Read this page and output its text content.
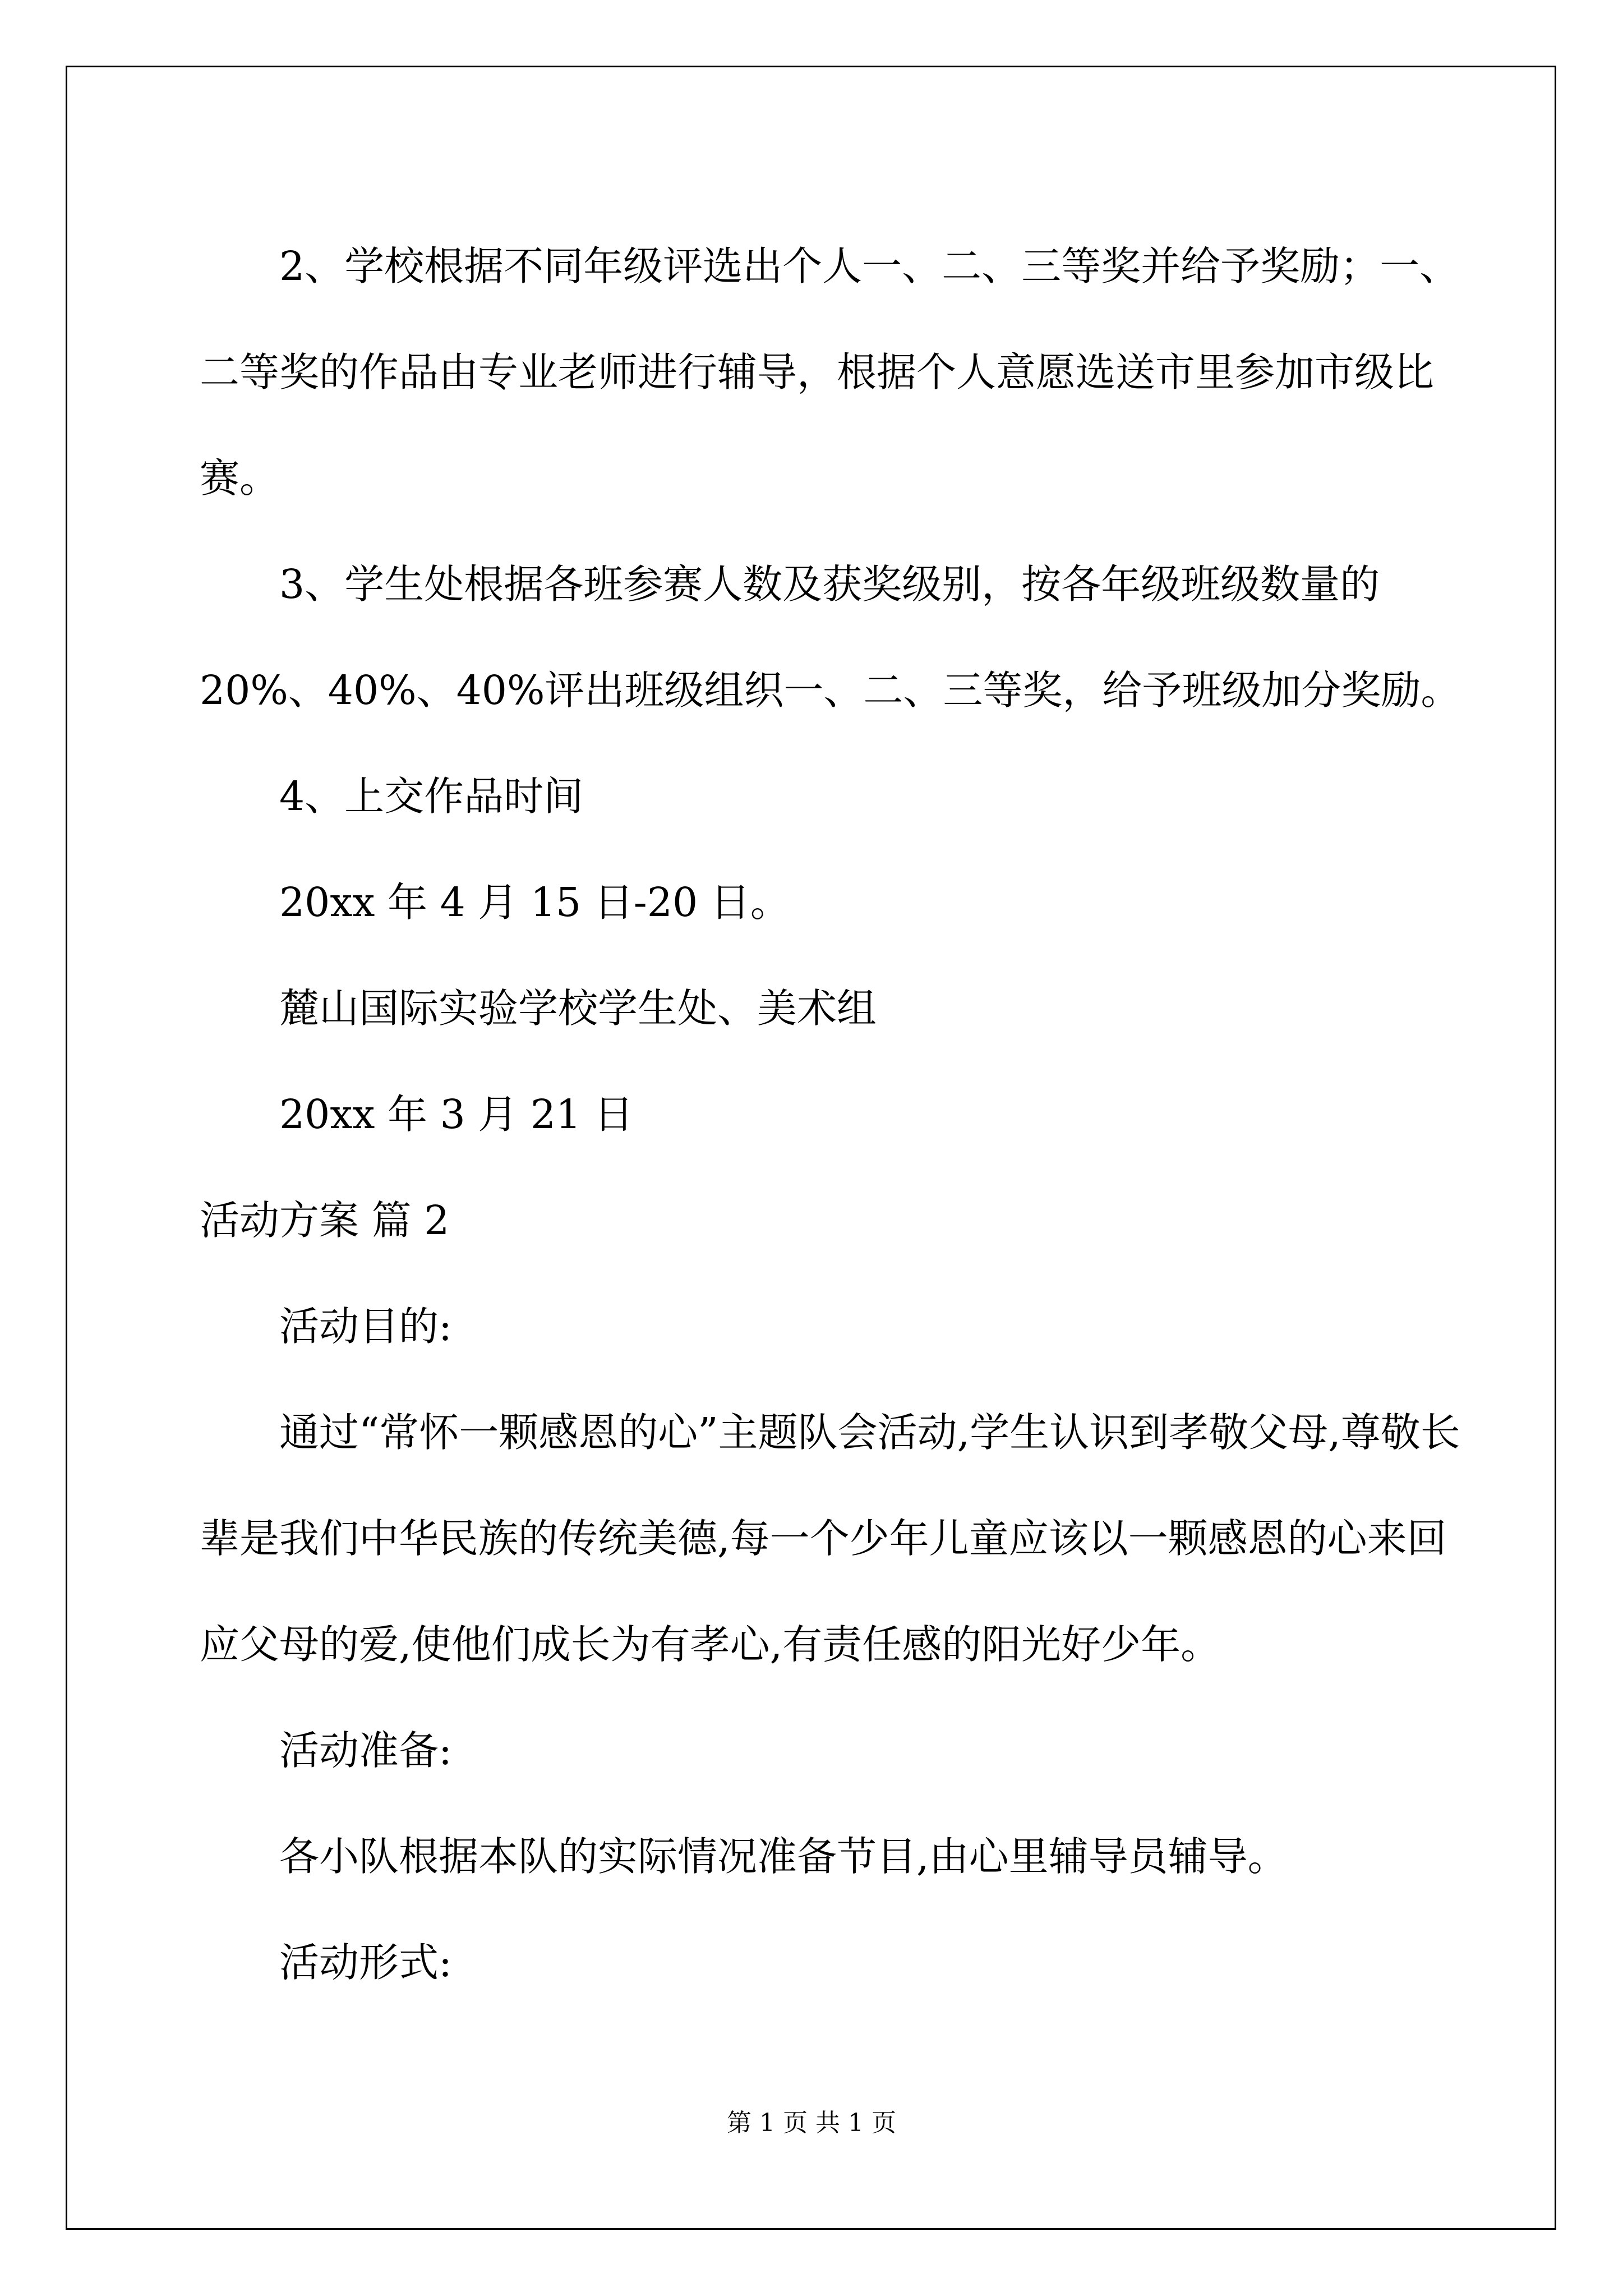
2、学校根据不同年级评选出个人一、二、三等奖并给予奖励；一、二等奖的作品由专业老师进行辅导，根据个人意愿选送市里参加市级比赛。

3、学生处根据各班参赛人数及获奖级别，按各年级班级数量的20%、40%、40%评出班级组织一、二、三等奖，给予班级加分奖励。

4、上交作品时间

20xx 年 4 月 15 日-20 日。

麓山国际实验学校学生处、美术组

20xx 年 3 月 21 日

活动方案 篇 2

活动目的:

通过“常怀一颗感恩的心”主题队会活动,学生认识到孝敬父母,尊敬长辈是我们中华民族的传统美德,每一个少年儿童应该以一颗感恩的心来回应父母的爱,使他们成长为有孝心,有责任感的阳光好少年。

活动准备:

各小队根据本队的实际情况准备节目,由心里辅导员辅导。

活动形式:

第 1 页 共 1 页
